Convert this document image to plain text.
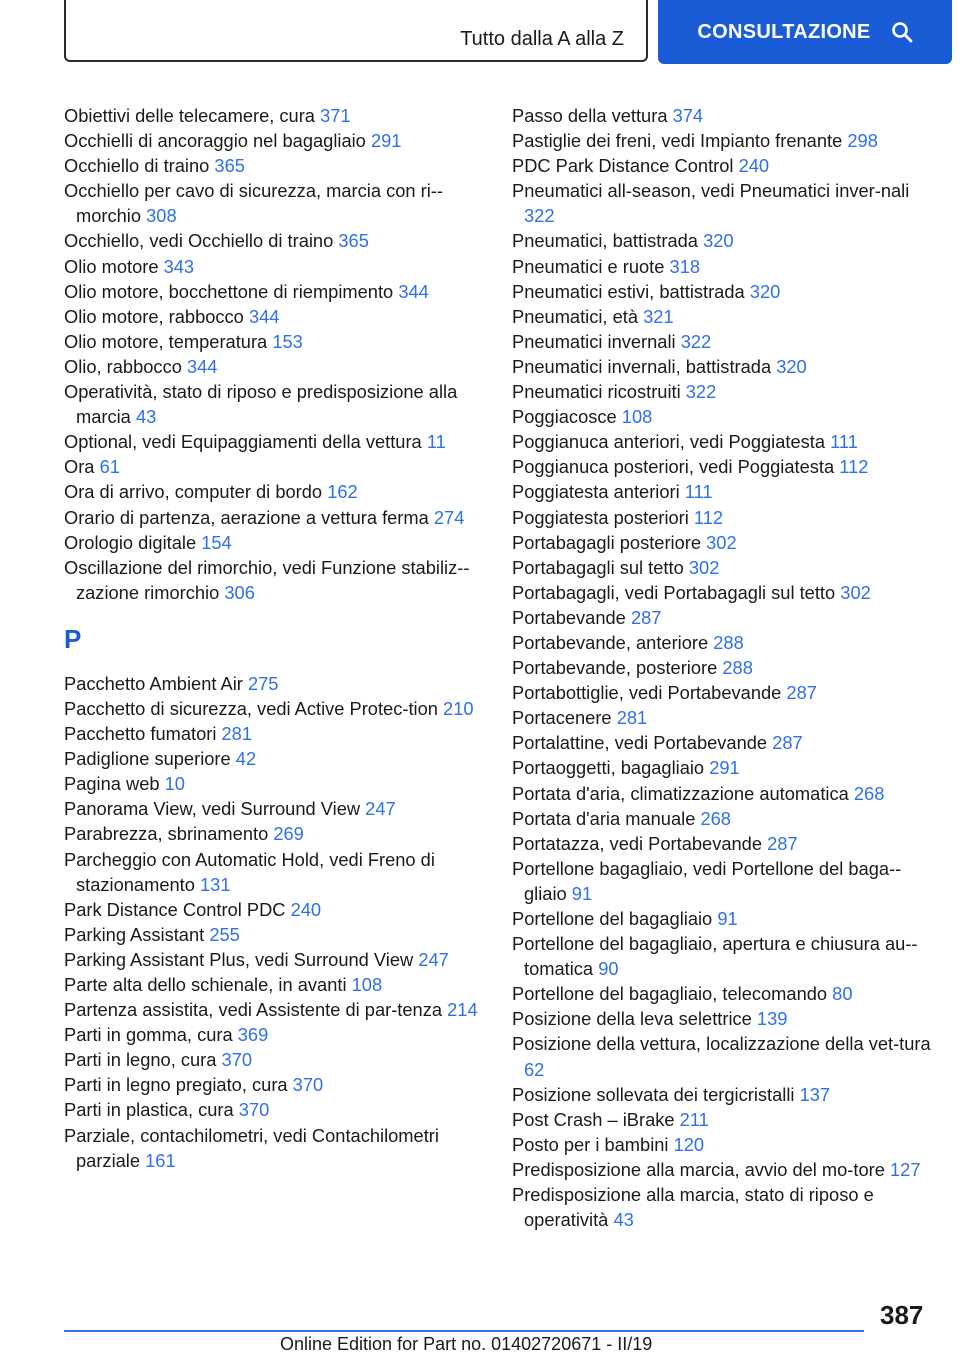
Tutto dalla A alla Z	CONSULTAZIONE
Obiettivi delle telecamere, cura 371
Occhielli di ancoraggio nel bagagliaio 291
Occhiello di traino 365
Occhiello per cavo di sicurezza, marcia con ri-morchio 308
Occhiello, vedi Occhiello di traino 365
Olio motore 343
Olio motore, bocchettone di riempimento 344
Olio motore, rabbocco 344
Olio motore, temperatura 153
Olio, rabbocco 344
Operatività, stato di riposo e predisposizione alla marcia 43
Optional, vedi Equipaggiamenti della vettura 11
Ora 61
Ora di arrivo, computer di bordo 162
Orario di partenza, aerazione a vettura ferma 274
Orologio digitale 154
Oscillazione del rimorchio, vedi Funzione stabiliz-zazione rimorchio 306
P
Pacchetto Ambient Air 275
Pacchetto di sicurezza, vedi Active Protec-tion 210
Pacchetto fumatori 281
Padiglione superiore 42
Pagina web 10
Panorama View, vedi Surround View 247
Parabrezza, sbrinamento 269
Parcheggio con Automatic Hold, vedi Freno di stazionamento 131
Park Distance Control PDC 240
Parking Assistant 255
Parking Assistant Plus, vedi Surround View 247
Parte alta dello schienale, in avanti 108
Partenza assistita, vedi Assistente di par-tenza 214
Parti in gomma, cura 369
Parti in legno, cura 370
Parti in legno pregiato, cura 370
Parti in plastica, cura 370
Parziale, contachilometri, vedi Contachilometri parziale 161
Passo della vettura 374
Pastiglie dei freni, vedi Impianto frenante 298
PDC Park Distance Control 240
Pneumatici all-season, vedi Pneumatici inver-nali 322
Pneumatici, battistrada 320
Pneumatici e ruote 318
Pneumatici estivi, battistrada 320
Pneumatici, età 321
Pneumatici invernali 322
Pneumatici invernali, battistrada 320
Pneumatici ricostruiti 322
Poggiacosce 108
Poggianuca anteriori, vedi Poggiatesta 111
Poggianuca posteriori, vedi Poggiatesta 112
Poggiatesta anteriori 111
Poggiatesta posteriori 112
Portabagagli posteriore 302
Portabagagli sul tetto 302
Portabagagli, vedi Portabagagli sul tetto 302
Portabevande 287
Portabevande, anteriore 288
Portabevande, posteriore 288
Portabottiglie, vedi Portabevande 287
Portacenere 281
Portalattine, vedi Portabevande 287
Portaoggetti, bagagliaio 291
Portata d'aria, climatizzazione automatica 268
Portata d'aria manuale 268
Portatazza, vedi Portabevande 287
Portellone bagagliaio, vedi Portellone del baga-gliaio 91
Portellone del bagagliaio 91
Portellone del bagagliaio, apertura e chiusura au-tomatica 90
Portellone del bagagliaio, telecomando 80
Posizione della leva selettrice 139
Posizione della vettura, localizzazione della vet-tura 62
Posizione sollevata dei tergicristalli 137
Post Crash – iBrake 211
Posto per i bambini 120
Predisposizione alla marcia, avvio del mo-tore 127
Predisposizione alla marcia, stato di riposo e operatività 43
387
Online Edition for Part no. 01402720671 - II/19
